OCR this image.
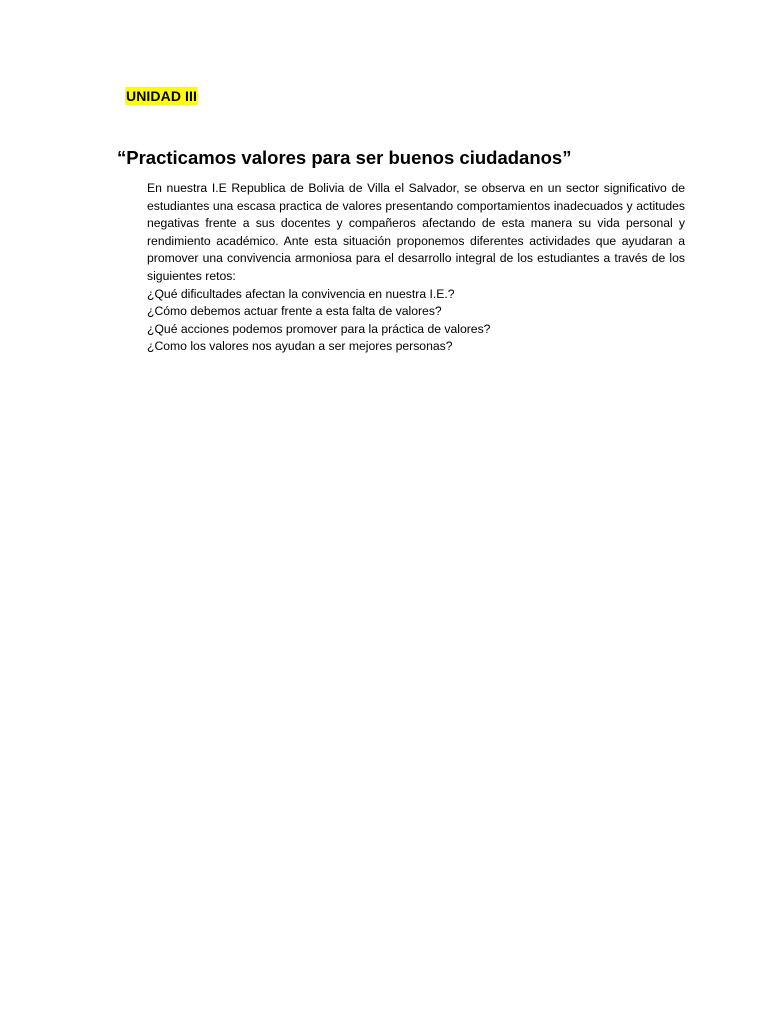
UNIDAD III
“Practicamos valores para ser buenos ciudadanos”

En nuestra I.E Republica de Bolivia de Villa el Salvador, se observa en un sector significativo de estudiantes una escasa practica de valores presentando comportamientos inadecuados y actitudes negativas frente a sus docentes y compañeros afectando de esta manera su vida personal y rendimiento académico. Ante esta situación proponemos diferentes actividades que ayudaran a promover una convivencia armoniosa para el desarrollo integral de los estudiantes a través de los siguientes retos:

¿Qué dificultades afectan la convivencia en nuestra I.E.?
¿Cómo debemos actuar frente a esta falta de valores?
¿Qué acciones podemos promover para la práctica de valores?
¿Como los valores nos ayudan a ser mejores personas?
